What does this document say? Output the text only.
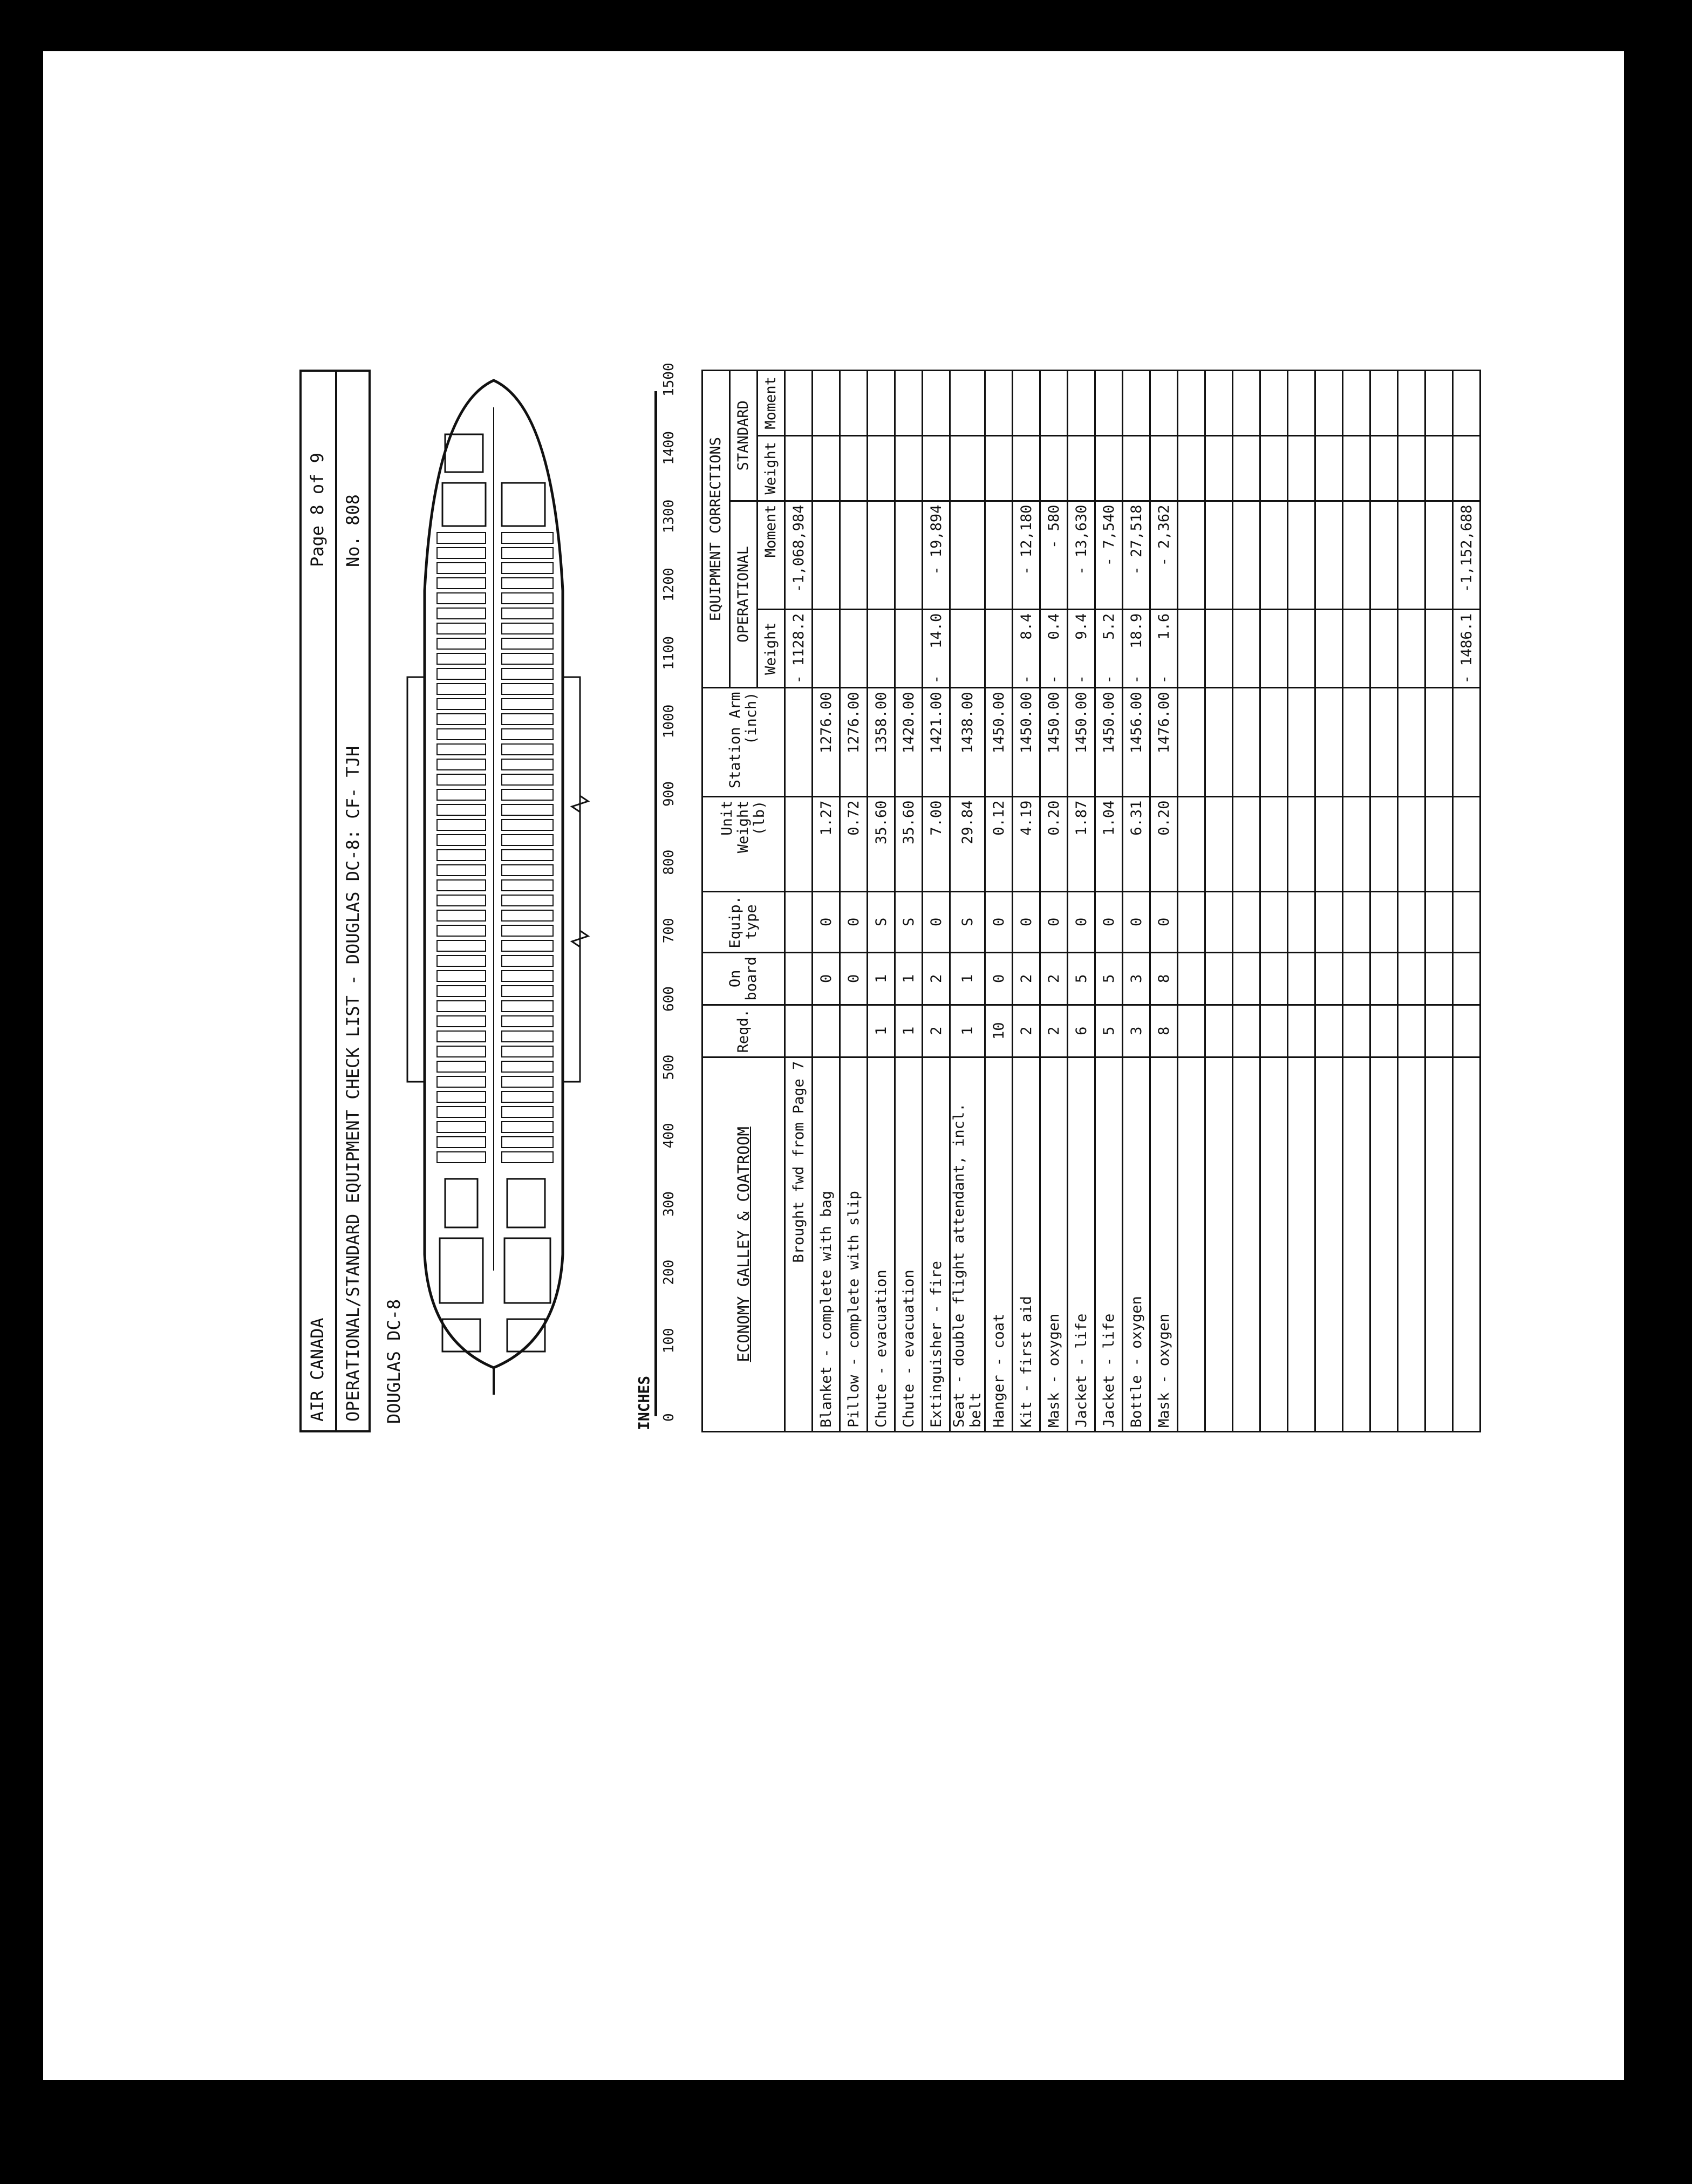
AIR CANADA
Page 8 of 9
OPERATIONAL/STANDARD EQUIPMENT CHECK LIST - DOUGLAS DC-8: CF- TJH
No. 808
DOUGLAS DC-8	INCHES 0
100
200
300
400
500
600
700
800
900
1000
1100
1200
1300
1400
1500
ECONOMY GALLEY & COATROOM	Reqd.	On board	Equip. type	Unit Weight (lb)	Station Arm (inch)	EQUIPMENT CORRECTIONS				
						OPERATIONAL			STANDARD	
						Weight		Moment	Weight	Moment
Brought fwd from Page 7						-	1128.2	-1,068,984		
Blanket - complete with bag		0	0	1.27	1276.00					
Pillow - complete with slip		0	0	0.72	1276.00					
Chute - evacuation	1	1	S	35.60	1358.00					
Chute - evacuation	1	1	S	35.60	1420.00					
Extinguisher - fire	2	2	0	7.00	1421.00	-	14.0	- 19,894		
Seat - double flight attendant, incl. belt	1	1	S	29.84	1438.00					
Hanger - coat	10	0	0	0.12	1450.00					
Kit - first aid	2	2	0	4.19	1450.00	-	8.4	- 12,180		
Mask - oxygen	2	2	0	0.20	1450.00	-	0.4	- 580		
Jacket - life	6	5	0	1.87	1450.00	-	9.4	- 13,630		
Jacket - life	5	5	0	1.04	1450.00	-	5.2	- 7,540		
Bottle - oxygen	3	3	0	6.31	1456.00	-	18.9	- 27,518		
Mask - oxygen	8	8	0	0.20	1476.00	-	1.6	- 2,362		

						-	1486.1	-1,152,688		
